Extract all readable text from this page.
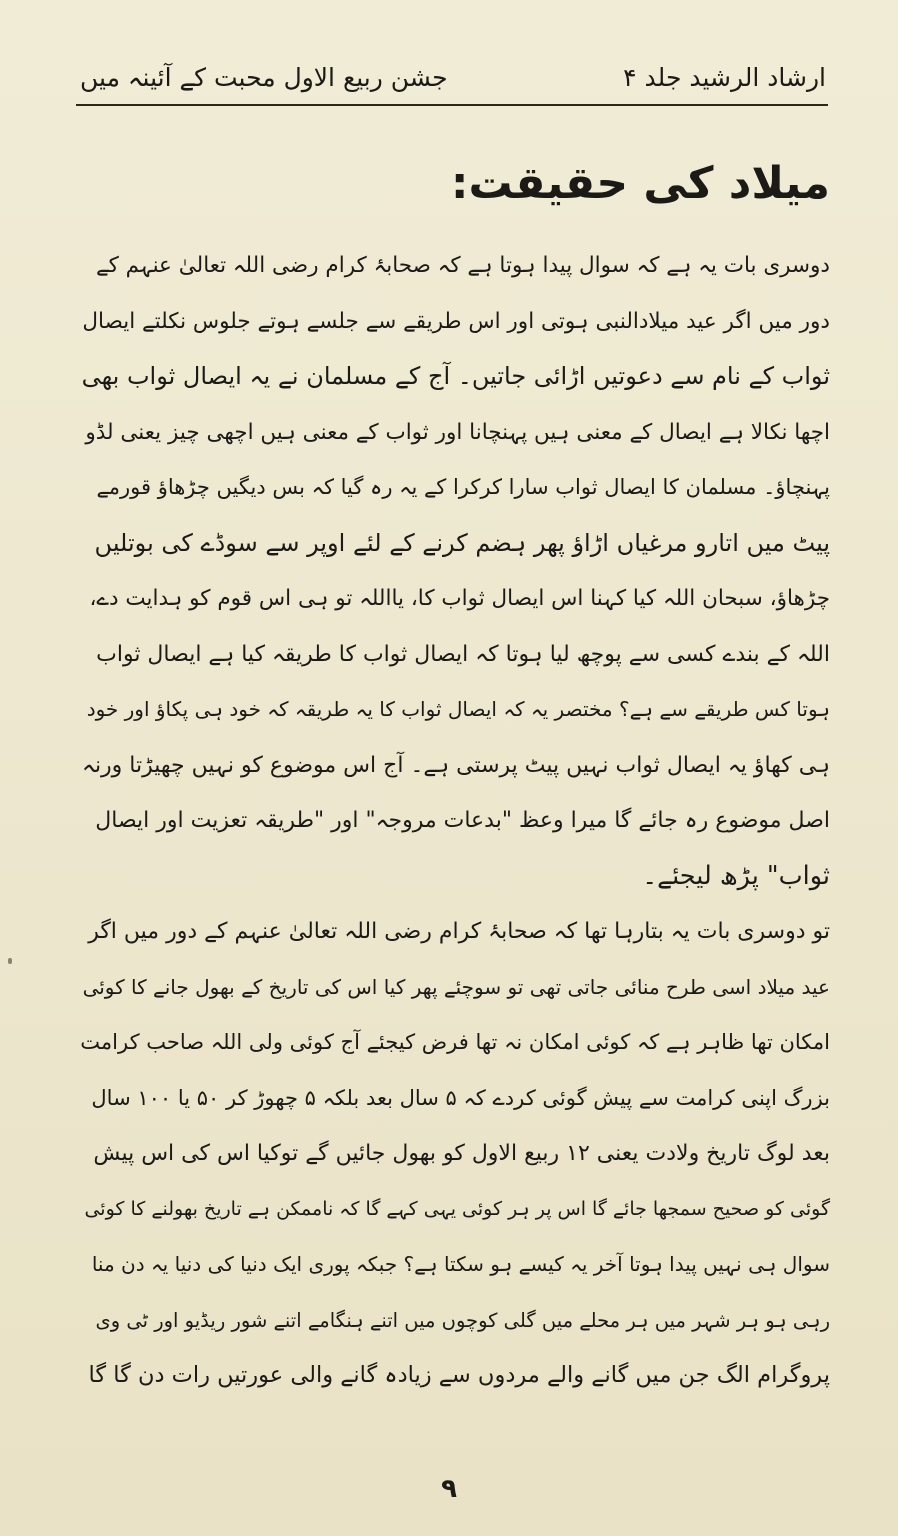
ارشاد الرشید جلد ۴
جشن ربیع الاول محبت کے آئینہ میں
میلاد کی حقیقت:
دوسری بات یہ ہے کہ سوال پیدا ہوتا ہے کہ صحابۂ کرام رضی اللہ تعالیٰ عنہم کے
دور میں اگر عید میلادالنبی ہوتی اور اس طریقے سے جلسے ہوتے جلوس نکلتے ایصال
ثواب کے نام سے دعوتیں اڑائی جاتیں۔ آج کے مسلمان نے یہ ایصال ثواب بھی
اچھا نکالا ہے ایصال کے معنی ہیں پہنچانا اور ثواب کے معنی ہیں اچھی چیز یعنی لڈو
پہنچاؤ۔ مسلمان کا ایصال ثواب سارا کرکرا کے یہ رہ گیا کہ بس دیگیں چڑھاؤ قورمے
پیٹ میں اتارو مرغیاں اڑاؤ پھر ہضم کرنے کے لئے اوپر سے سوڈے کی بوتلیں
چڑھاؤ، سبحان اللہ کیا کہنا اس ایصال ثواب کا، یااللہ تو ہی اس قوم کو ہدایت دے،
اللہ کے بندے کسی سے پوچھ لیا ہوتا کہ ایصال ثواب کا طریقہ کیا ہے ایصال ثواب
ہوتا کس طریقے سے ہے؟ مختصر یہ کہ ایصال ثواب کا یہ طریقہ کہ خود ہی پکاؤ اور خود
ہی کھاؤ یہ ایصال ثواب نہیں پیٹ پرستی ہے۔ آج اس موضوع کو نہیں چھیڑتا ورنہ
اصل موضوع رہ جائے گا میرا وعظ "بدعات مروجہ" اور "طریقہ تعزیت اور ایصال
ثواب" پڑھ لیجئے۔
تو دوسری بات یہ بتارہا تھا کہ صحابۂ کرام رضی اللہ تعالیٰ عنہم کے دور میں اگر
عید میلاد اسی طرح منائی جاتی تھی تو سوچئے پھر کیا اس کی تاریخ کے بھول جانے کا کوئی
امکان تھا ظاہر ہے کہ کوئی امکان نہ تھا فرض کیجئے آج کوئی ولی اللہ صاحب کرامت
بزرگ اپنی کرامت سے پیش گوئی کردے کہ ۵ سال بعد بلکہ ۵ چھوڑ کر ۵۰ یا ۱۰۰ سال
بعد لوگ تاریخ ولادت یعنی ۱۲ ربیع الاول کو بھول جائیں گے توکیا اس کی اس پیش
گوئی کو صحیح سمجھا جائے گا اس پر ہر کوئی یہی کہے گا کہ ناممکن ہے تاریخ بھولنے کا کوئی
سوال ہی نہیں پیدا ہوتا آخر یہ کیسے ہو سکتا ہے؟ جبکہ پوری ایک دنیا کی دنیا یہ دن منا
رہی ہو ہر شہر میں ہر محلے میں گلی کوچوں میں اتنے ہنگامے اتنے شور ریڈیو اور ٹی وی
پروگرام الگ جن میں گانے والے مردوں سے زیادہ گانے والی عورتیں رات دن گا گا
۹
